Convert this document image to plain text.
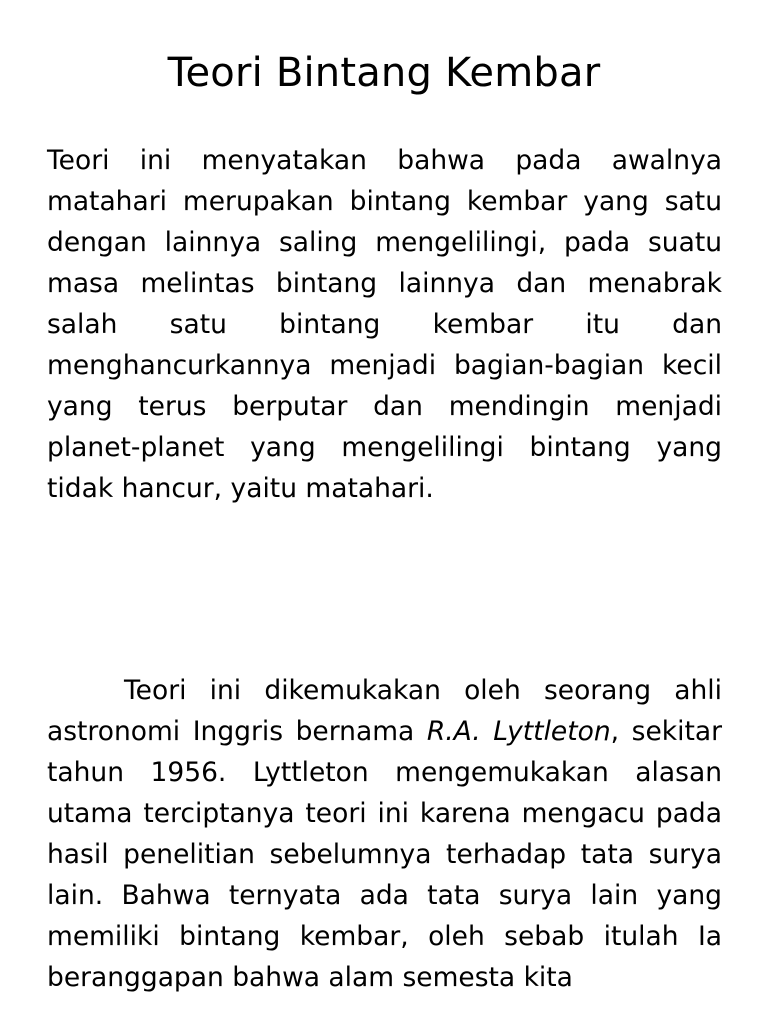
Teori Bintang Kembar

Teori ini menyatakan bahwa pada awalnya matahari merupakan bintang kembar yang satu dengan lainnya saling mengelilingi, pada suatu masa melintas bintang lainnya dan menabrak salah satu bintang kembar itu dan menghancurkannya menjadi bagian-bagian kecil yang terus berputar dan mendingin menjadi planet-planet yang mengelilingi bintang yang tidak hancur, yaitu matahari.

Teori ini dikemukakan oleh seorang ahli astronomi Inggris bernama R.A. Lyttleton, sekitar tahun 1956. Lyttleton mengemukakan alasan utama terciptanya teori ini karena mengacu pada hasil penelitian sebelumnya terhadap tata surya lain. Bahwa ternyata ada tata surya lain yang memiliki bintang kembar, oleh sebab itulah Ia beranggapan bahwa alam semesta kita
